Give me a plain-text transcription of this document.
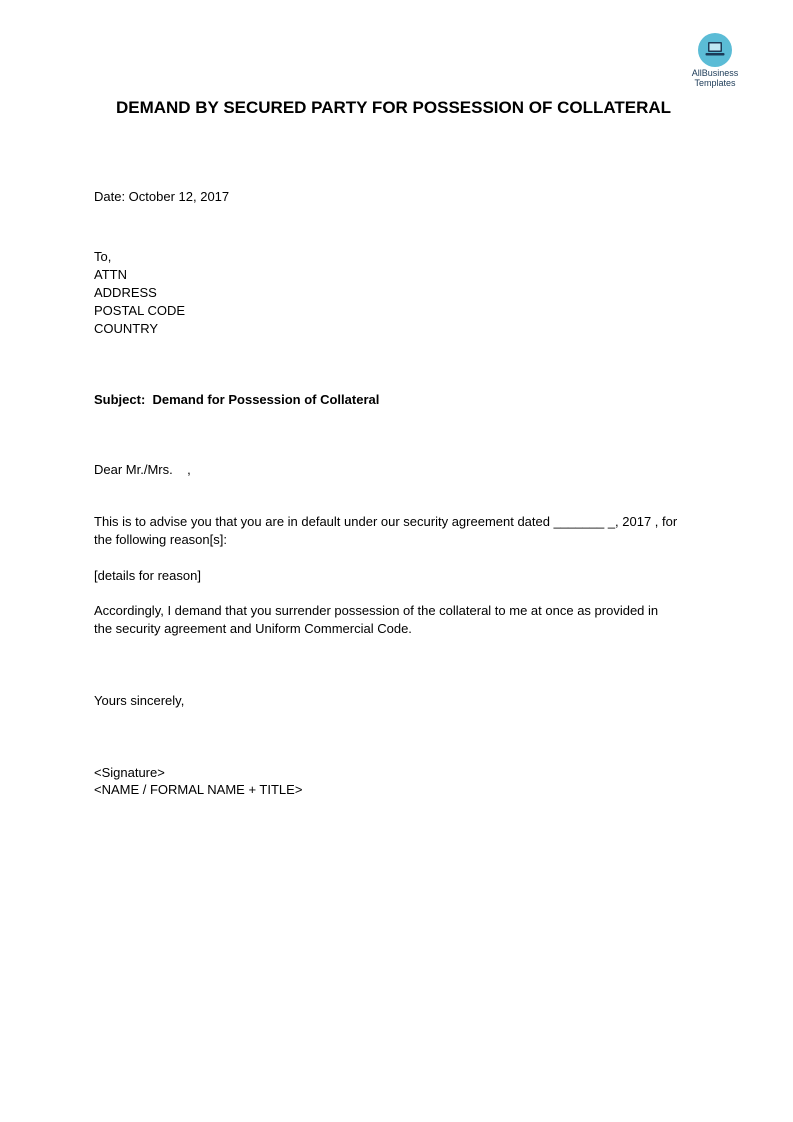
AllBusiness
Templates
DEMAND BY SECURED PARTY FOR POSSESSION OF COLLATERAL
Date: October 12, 2017
To,
ATTN
ADDRESS
POSTAL CODE
COUNTRY
Subject:  Demand for Possession of Collateral
Dear Mr./Mrs.    ,
This is to advise you that you are in default under our security agreement dated _______ _, 2017 , for
the following reason[s]:
[details for reason]
Accordingly, I demand that you surrender possession of the collateral to me at once as provided in
the security agreement and Uniform Commercial Code.
Yours sincerely,
<Signature>
<NAME / FORMAL NAME + TITLE>
